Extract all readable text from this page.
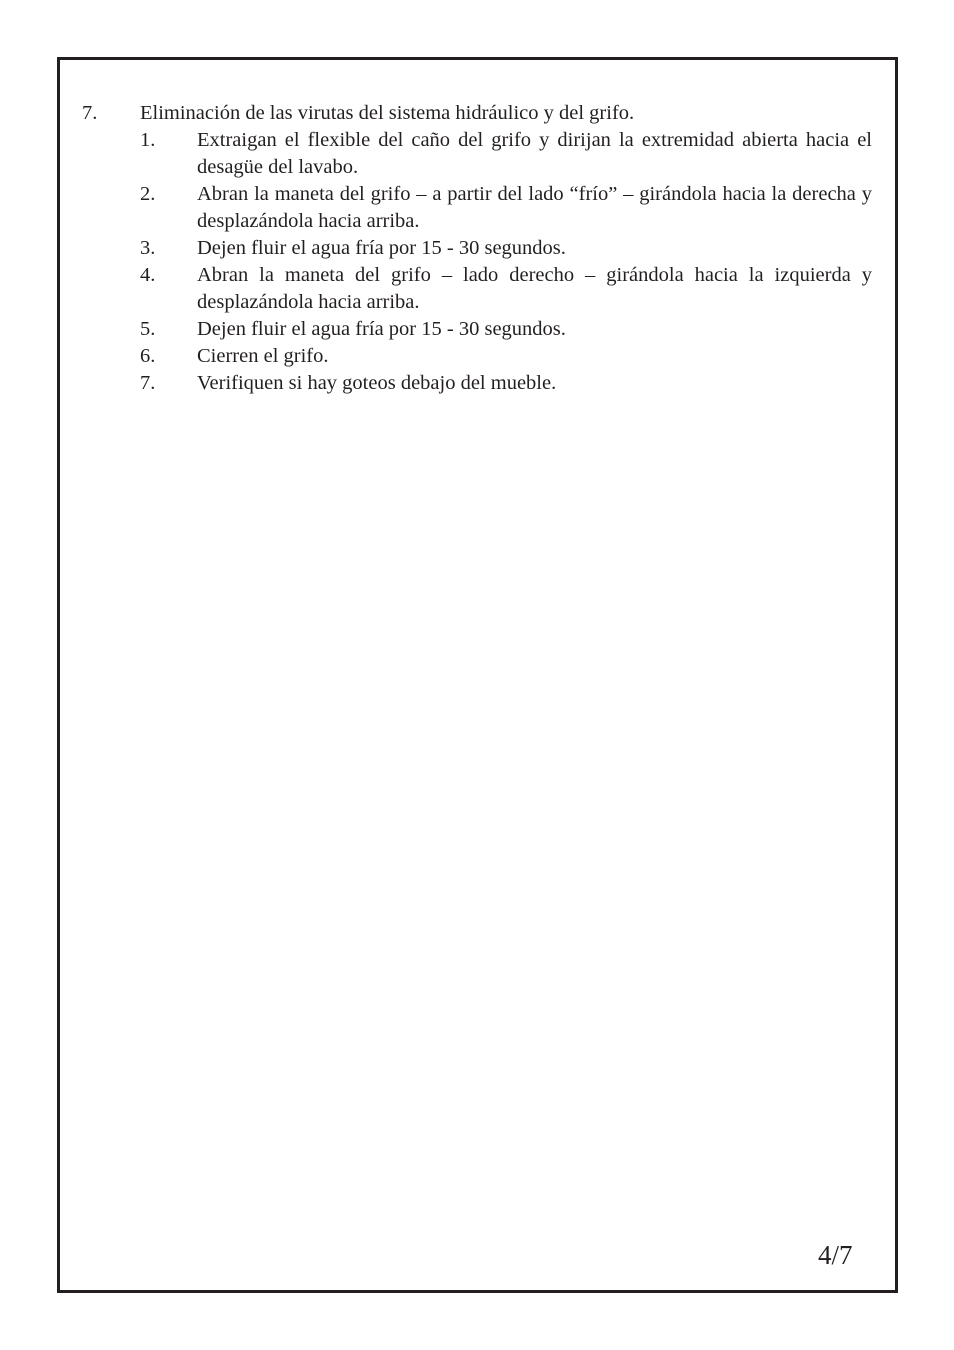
7. Eliminación de las virutas del sistema hidráulico y del grifo.
1. Extraigan el flexible del caño del grifo y dirijan la extremidad abierta hacia el desagüe del lavabo.
2. Abran la maneta del grifo – a partir del lado “frío” – girándola hacia la derecha y desplazándola hacia arriba.
3. Dejen fluir el agua fría por 15 - 30 segundos.
4. Abran la maneta del grifo – lado derecho – girándola hacia la izquierda y desplazándola hacia arriba.
5. Dejen fluir el agua fría por 15 - 30 segundos.
6. Cierren el grifo.
7. Verifiquen si hay goteos debajo del mueble.
4/7
